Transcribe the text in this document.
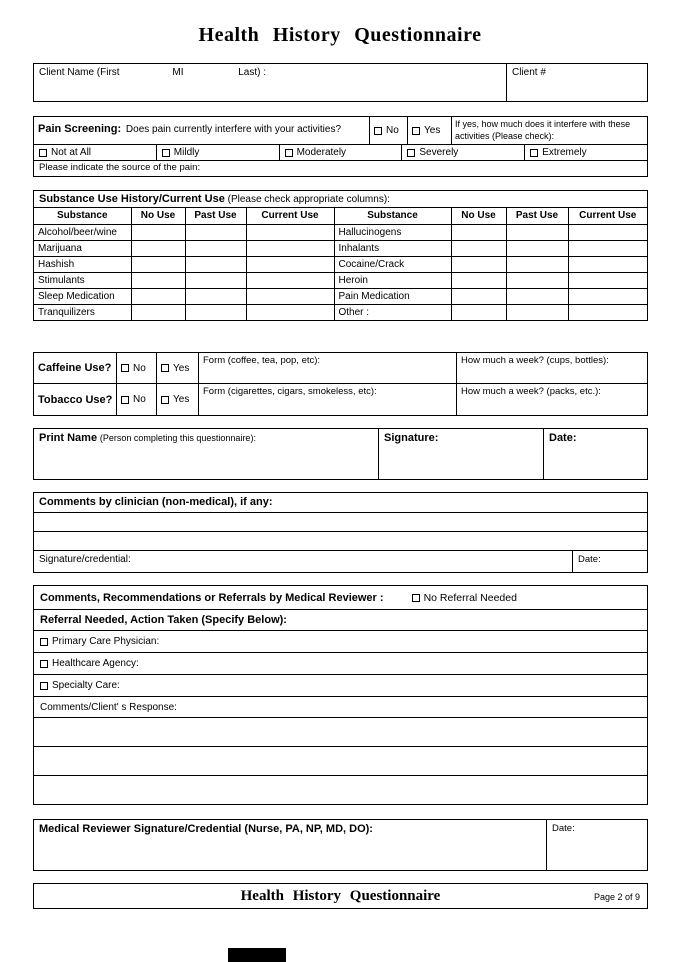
Health History Questionnaire
Client Name (First	MI	Last) :	Client #
Pain Screening: Does pain currently interfere with your activities?	No	Yes
If yes, how much does it interfere with these activities (Please check):
Not at All	Mildly	Moderately	Severely	Extremely
Please indicate the source of the pain:
Substance Use History/Current Use (Please check appropriate columns):
Substance	No Use	Past Use	Current Use	Substance	No Use	Past Use	Current Use
Alcohol/beer/wine				Hallucinogens			
Marijuana				Inhalants			
Hashish				Cocaine/Crack			
Stimulants				Heroin			
Sleep Medication				Pain Medication			
Tranquilizers				Other :			
Caffeine Use?	No	Yes
Form (coffee, tea, pop, etc):	How much a week? (cups, bottles):
Tobacco Use?	No	Yes
Form (cigarettes, cigars, smokeless, etc):	How much a week? (packs, etc.):
Print Name (Person completing this questionnaire):	Signature:	Date:
Comments by clinician (non-medical), if any:
Signature/credential:	Date:
Comments, Recommendations or Referrals by Medical Reviewer :	No Referral Needed
Referral Needed, Action Taken (Specify Below):
Primary Care Physician:
Healthcare Agency:
Specialty Care:
Comments/Client' s Response:
Medical Reviewer Signature/Credential (Nurse, PA, NP, MD, DO):	Date:
Health History Questionnaire	Page 2 of 9
